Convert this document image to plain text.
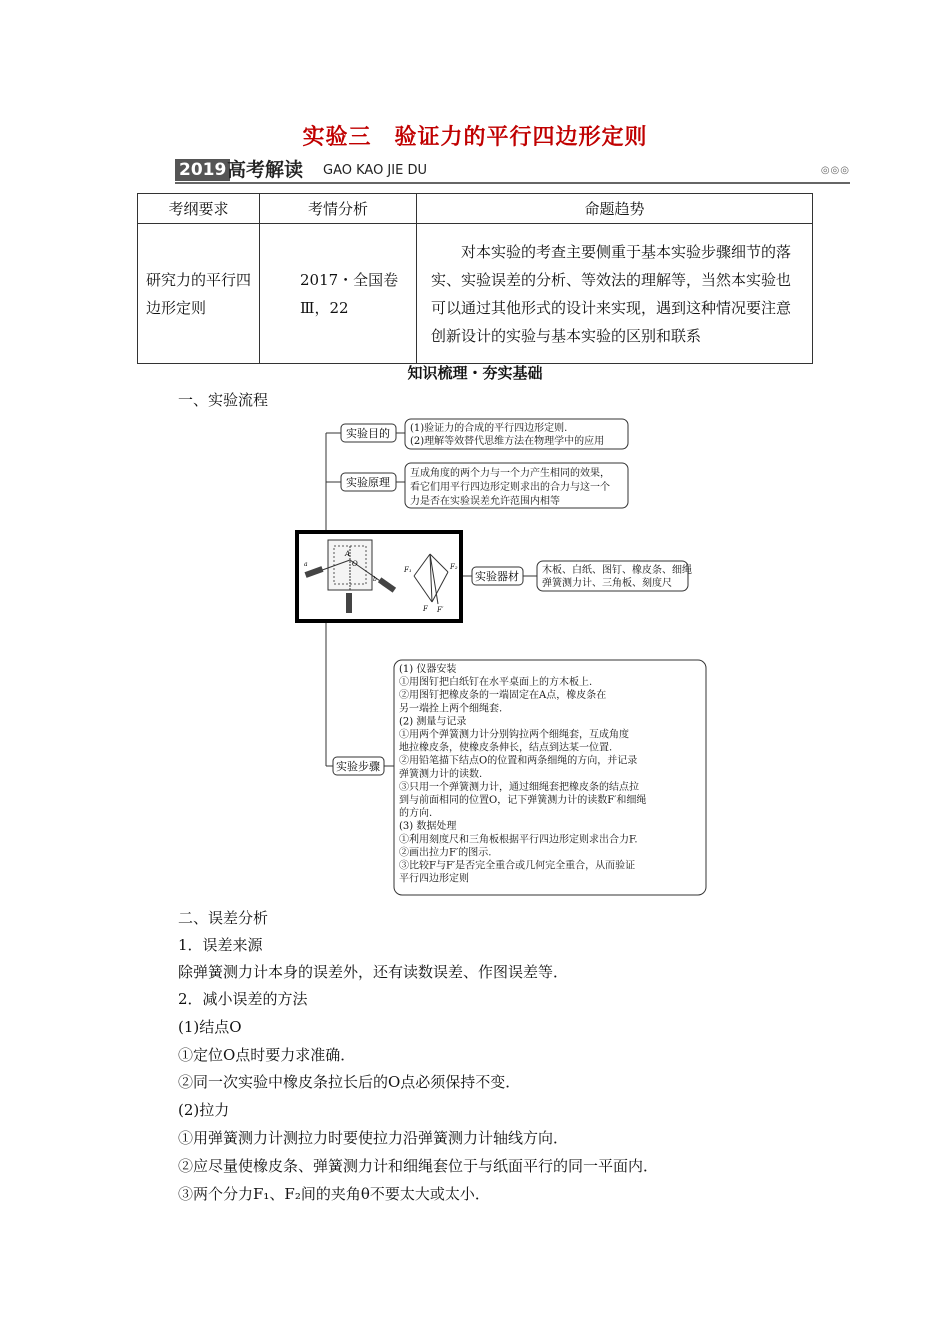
实验三　验证力的平行四边形定则
2019 高考解读 GAO KAO JIE DU	◎◎◎
考纲要求	考情分析	命题趋势
研究力的平行四边形定则	2017・全国卷Ⅲ，22	对本实验的考查主要侧重于基本实验步骤细节的落实、实验误差的分析、等效法的理解等，当然本实验也可以通过其他形式的设计来实现，遇到这种情况要注意创新设计的实验与基本实验的区别和联系
知识梳理・夯实基础
一、实验流程
实验目的
实验原理
实验器材
实验步骤
(1)验证力的合成的平行四边形定则.
(2)理解等效替代思维方法在物理学中的应用
互成角度的两个力与一个力产生相同的效果，
看它们用平行四边形定则求出的合力与这一个
力是否在实验误差允许范围内相等
木板、白纸、图钉、橡皮条、细绳
弹簧测力计、三角板、刻度尺
(1) 仪器安装
①用图钉把白纸钉在水平桌面上的方木板上.
②用图钉把橡皮条的一端固定在A点，橡皮条在
另一端拴上两个细绳套.
(2) 测量与记录
①用两个弹簧测力计分别钩拉两个细绳套，互成角度
地拉橡皮条，使橡皮条伸长，结点到达某一位置.
②用铅笔描下结点O的位置和两条细绳的方向，并记录
弹簧测力计的读数.
③只用一个弹簧测力计，通过细绳套把橡皮条的结点拉
到与前面相同的位置O，记下弹簧测力计的读数F′和细绳
的方向.
(3) 数据处理
①利用刻度尺和三角板根据平行四边形定则求出合力F.
②画出拉力F′的图示.
③比较F与F′是否完全重合或几何完全重合，从而验证
平行四边形定则
A
O
a
b
F₁	F₂
F F′
二、误差分析
1．误差来源
除弹簧测力计本身的误差外，还有读数误差、作图误差等．
2．减小误差的方法
(1)结点O
①定位O点时要力求准确．
②同一次实验中橡皮条拉长后的O点必须保持不变．
(2)拉力
①用弹簧测力计测拉力时要使拉力沿弹簧测力计轴线方向．
②应尽量使橡皮条、弹簧测力计和细绳套位于与纸面平行的同一平面内．
③两个分力F₁、F₂间的夹角θ不要太大或太小．
